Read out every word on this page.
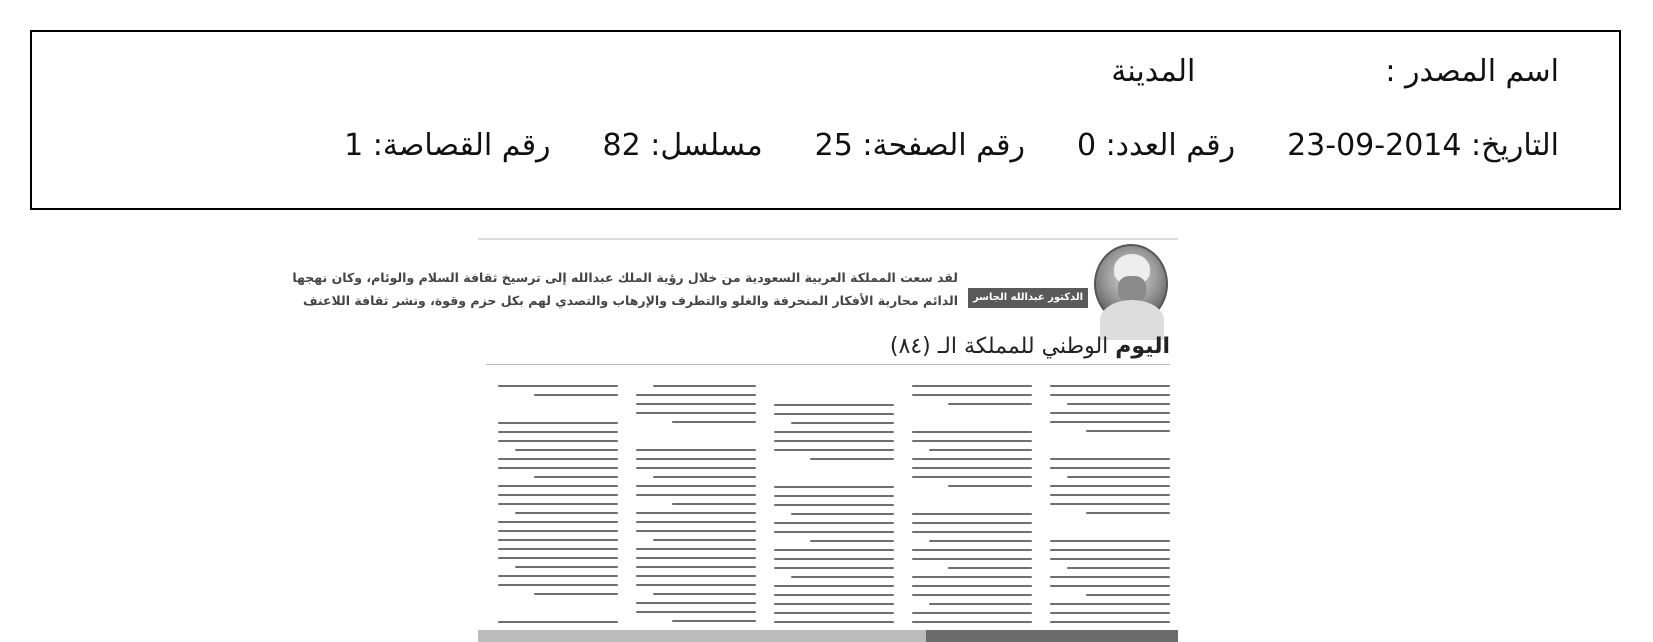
اسم المصدر :المدينة
التاريخ: 2014-09-23رقم العدد: 0رقم الصفحة: 25مسلسل: 82رقم القصاصة: 1
الدكتور عبدالله الجاسر (*)
لقد سعت المملكة العربية السعودية من خلال رؤية الملك عبدالله إلى ترسيخ ثقافة السلام والوئام، وكان نهجها
الدائم محاربة الأفكار المنحرفة والغلو والتطرف والإرهاب والتصدي لهم بكل حزم وقوة، ونشر ثقافة اللاعنف
اليوم الوطني للمملكة الـ (٨٤)
